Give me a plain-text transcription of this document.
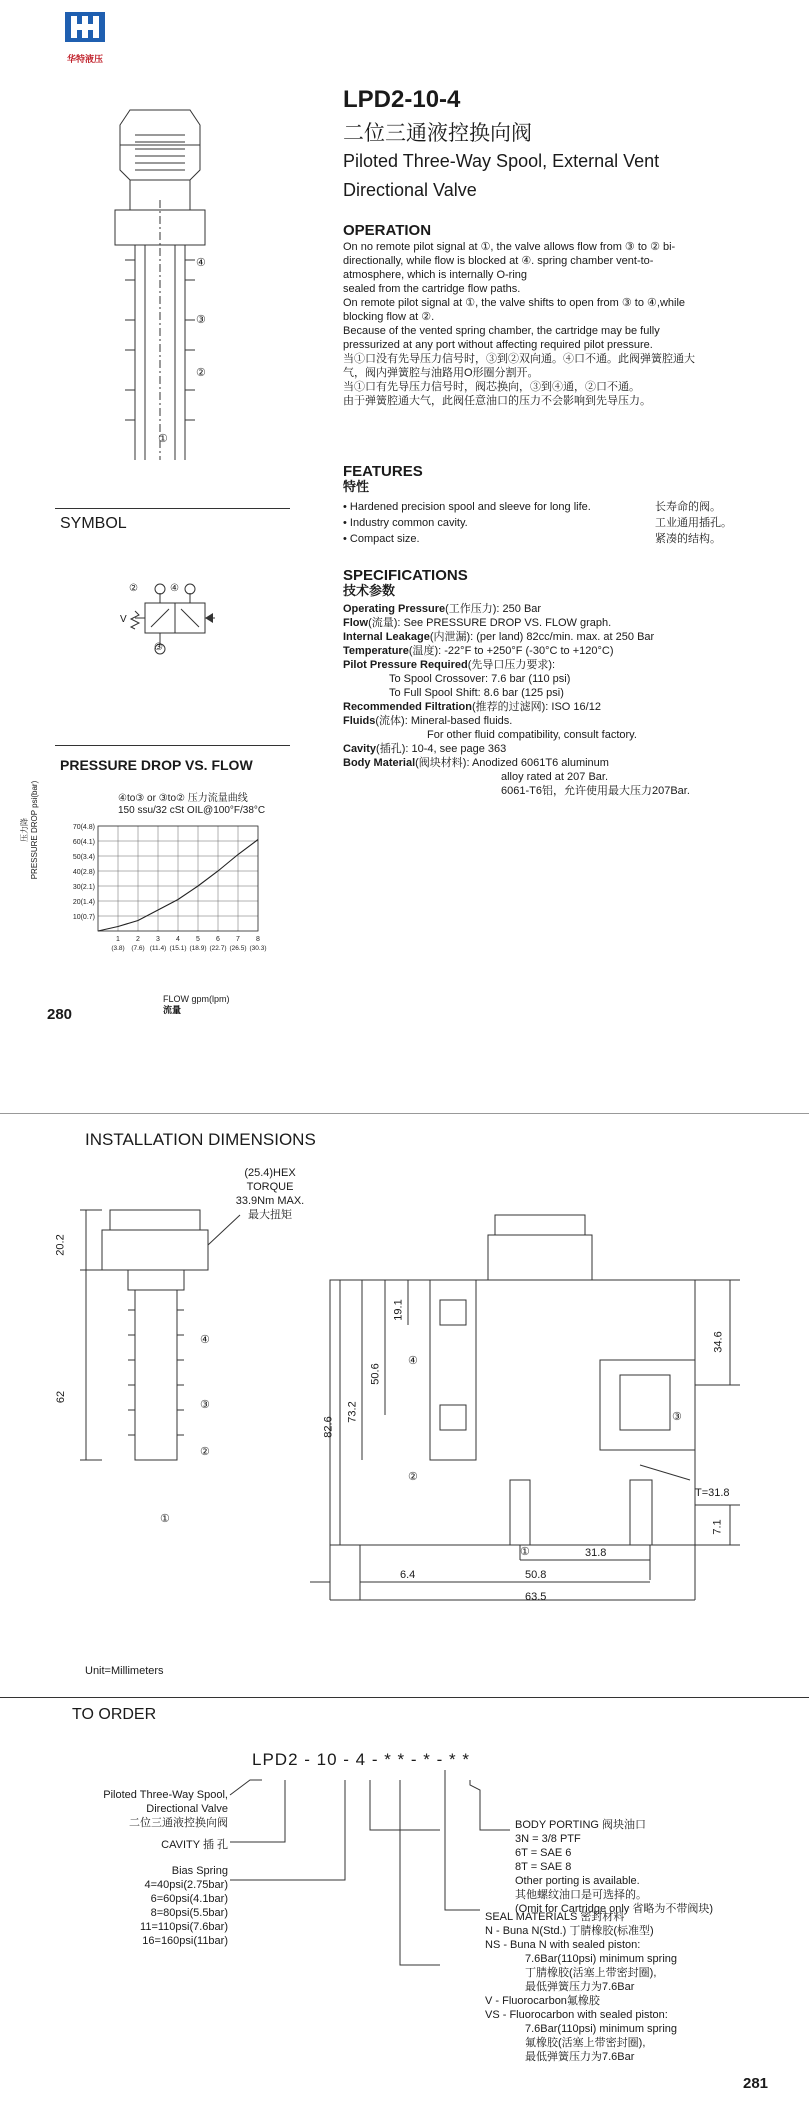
华特液压
④
③
②
①
LPD2-10-4
二位三通液控换向阀
Piloted Three-Way Spool, External Vent
Directional Valve
OPERATION
On no remote pilot signal at ①, the valve allows flow from ③ to ② bi-
directionally, while flow is blocked at ④. spring chamber vent-to-
atmosphere, which is internally O-ring
sealed from the cartridge flow paths.
On remote pilot signal at ①, the valve shifts to open from ③ to ④,while
blocking flow at ②.
Because of the vented spring chamber, the cartridge may be fully
pressurized at any port without affecting required pilot pressure.
当①口没有先导压力信号时，③到②双向通。④口不通。此阀弹簧腔通大
气，阀内弹簧腔与油路用O形圈分割开。
当①口有先导压力信号时，阀芯换向，③到④通，②口不通。
由于弹簧腔通大气，此阀任意油口的压力不会影响到先导压力。
FEATURES
特性
• Hardened precision spool and sleeve for long life.	长寿命的阀。
• Industry common cavity.	工业通用插孔。
• Compact size.	紧凑的结构。
SPECIFICATIONS
技术参数
Operating Pressure(工作压力): 250 Bar
Flow(流量): See PRESSURE DROP VS. FLOW graph.
Internal Leakage(内泄漏): (per land) 82cc/min. max. at 250 Bar
Temperature(温度): -22°F to +250°F (-30°C to +120°C)
Pilot Pressure Required(先导口压力要求):
To Spool Crossover: 7.6 bar (110 psi)
To Full Spool Shift: 8.6 bar (125 psi)
Recommended Filtration(推荐的过滤网): ISO 16/12
Fluids(流体): Mineral-based fluids.
For other fluid compatibility, consult factory.
Cavity(插孔): 10-4, see page 363
Body Material(阀块材料): Anodized 6061T6 aluminum
alloy rated at 207 Bar.
6061-T6铝，允许使用最大压力207Bar.
SYMBOL
②	④
③
V
PRESSURE DROP VS. FLOW
④to③ or ③to② 压力流量曲线
150 ssu/32 cSt OIL@100°F/38°C
10(0.7)
20(1.4)
30(2.1)
40(2.8)
50(3.4)
60(4.1)
70(4.8)
1
(3.8)
2
(7.6)
3
(11.4)
4
(15.1)
5
(18.9)
6
(22.7)
7
(26.5)
8
(30.3)
FLOW gpm(lpm)
流量
压力降 PRESSURE DROP psi(bar)
280
INSTALLATION DIMENSIONS
(25.4)HEX
TORQUE
33.9Nm MAX.
最大扭矩
20.2
62
19.1
50.6
73.2
82.6
34.6
7.1
T=31.8
31.8
50.8
63.5
6.4
④
③
②
①
④
③
②
①
Unit=Millimeters
TO ORDER
LPD2 - 10 - 4 - * * - * - * *
Piloted Three-Way Spool,
Directional Valve
二位三通液控换向阀
CAVITY 插 孔
Bias Spring
4=40psi(2.75bar)
6=60psi(4.1bar)
8=80psi(5.5bar)
11=110psi(7.6bar)
16=160psi(11bar)
BODY PORTING 阀块油口
3N = 3/8 PTF
6T = SAE 6
8T = SAE 8
Other porting is available.
其他螺纹油口是可选择的。
(Omit for Cartridge only 省略为不带阀块)
SEAL MATERIALS 密封材料
N - Buna N(Std.) 丁腈橡胶(标准型)
NS - Buna N with sealed piston:
7.6Bar(110psi) minimum spring
丁腈橡胶(活塞上带密封圈),
最低弹簧压力为7.6Bar
V - Fluorocarbon氟橡胶
VS - Fluorocarbon with sealed piston:
7.6Bar(110psi) minimum spring
氟橡胶(活塞上带密封圈),
最低弹簧压力为7.6Bar
281
